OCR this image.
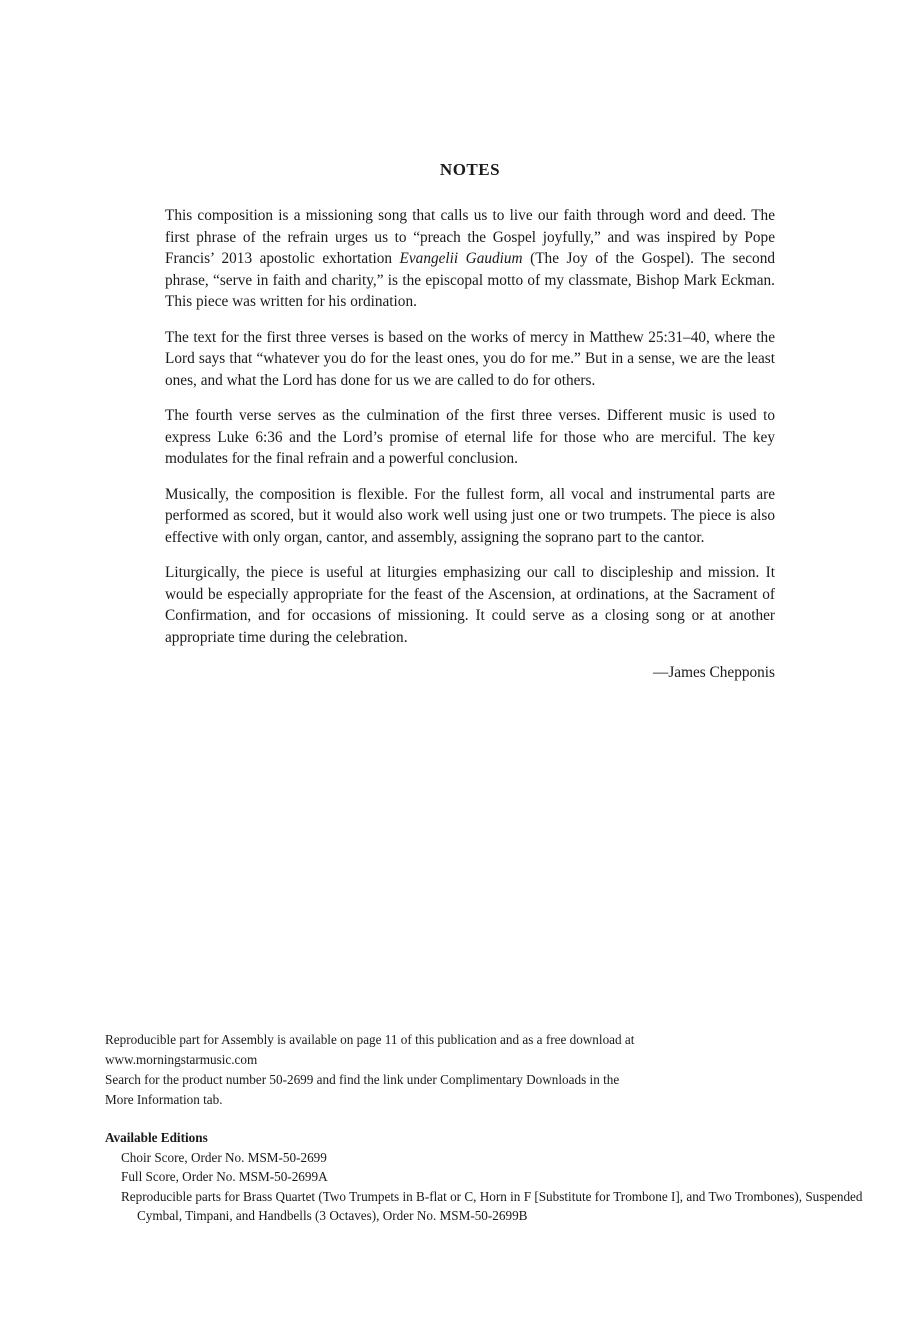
NOTES

This composition is a missioning song that calls us to live our faith through word and deed. The first phrase of the refrain urges us to “preach the Gospel joyfully,” and was inspired by Pope Francis’ 2013 apostolic exhortation Evangelii Gaudium (The Joy of the Gospel). The second phrase, “serve in faith and charity,” is the episcopal motto of my classmate, Bishop Mark Eckman. This piece was written for his ordination.

The text for the first three verses is based on the works of mercy in Matthew 25:31–40, where the Lord says that “whatever you do for the least ones, you do for me.” But in a sense, we are the least ones, and what the Lord has done for us we are called to do for others.

The fourth verse serves as the culmination of the first three verses. Different music is used to express Luke 6:36 and the Lord’s promise of eternal life for those who are merciful. The key modulates for the final refrain and a powerful conclusion.

Musically, the composition is flexible. For the fullest form, all vocal and instrumental parts are performed as scored, but it would also work well using just one or two trumpets. The piece is also effective with only organ, cantor, and assembly, assigning the soprano part to the cantor.

Liturgically, the piece is useful at liturgies emphasizing our call to discipleship and mission. It would be especially appropriate for the feast of the Ascension, at ordinations, at the Sacrament of Confirmation, and for occasions of missioning. It could serve as a closing song or at another appropriate time during the celebration.

—James Chepponis
Reproducible part for Assembly is available on page 11 of this publication and as a free download at
www.morningstarmusic.com
Search for the product number 50-2699 and find the link under Complimentary Downloads in the
More Information tab.
Available Editions
Choir Score, Order No. MSM-50-2699
Full Score, Order No. MSM-50-2699A
Reproducible parts for Brass Quartet (Two Trumpets in B-flat or C, Horn in F [Substitute for Trombone I], and Two Trombones), Suspended Cymbal, Timpani, and Handbells (3 Octaves), Order No. MSM-50-2699B
